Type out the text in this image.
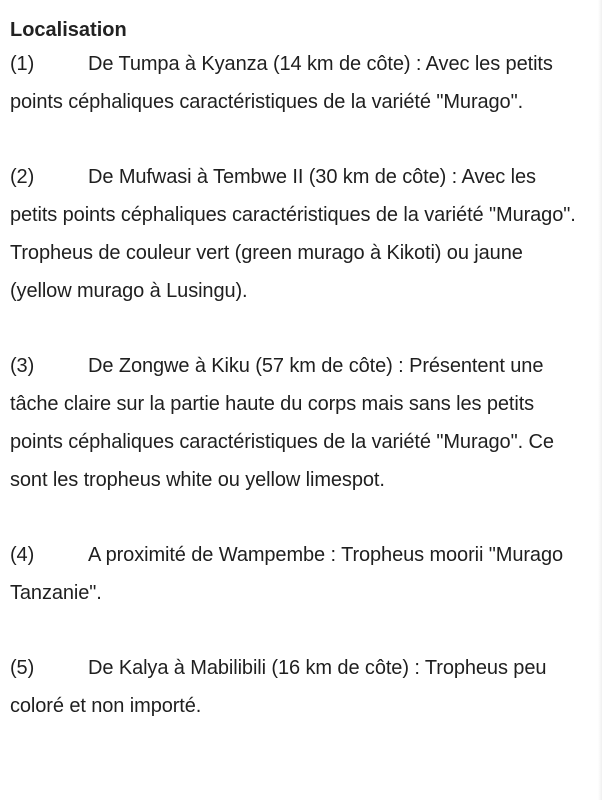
Localisation

(1)	De Tumpa à Kyanza (14 km de côte) : Avec les petits points céphaliques caractéristiques de la variété "Murago".

(2)	De Mufwasi à Tembwe II (30 km de côte) : Avec les petits points céphaliques caractéristiques de la variété "Murago". Tropheus de couleur vert (green murago à Kikoti) ou jaune (yellow murago à Lusingu).

(3)	De Zongwe à Kiku (57 km de côte) : Présentent une tâche claire sur la partie haute du corps mais sans les petits points céphaliques caractéristiques de la variété "Murago". Ce sont les tropheus white ou yellow limespot.

(4)	A proximité de Wampembe : Tropheus moorii "Murago Tanzanie".

(5)	De Kalya à Mabilibili (16 km de côte) : Tropheus peu coloré et non importé.
